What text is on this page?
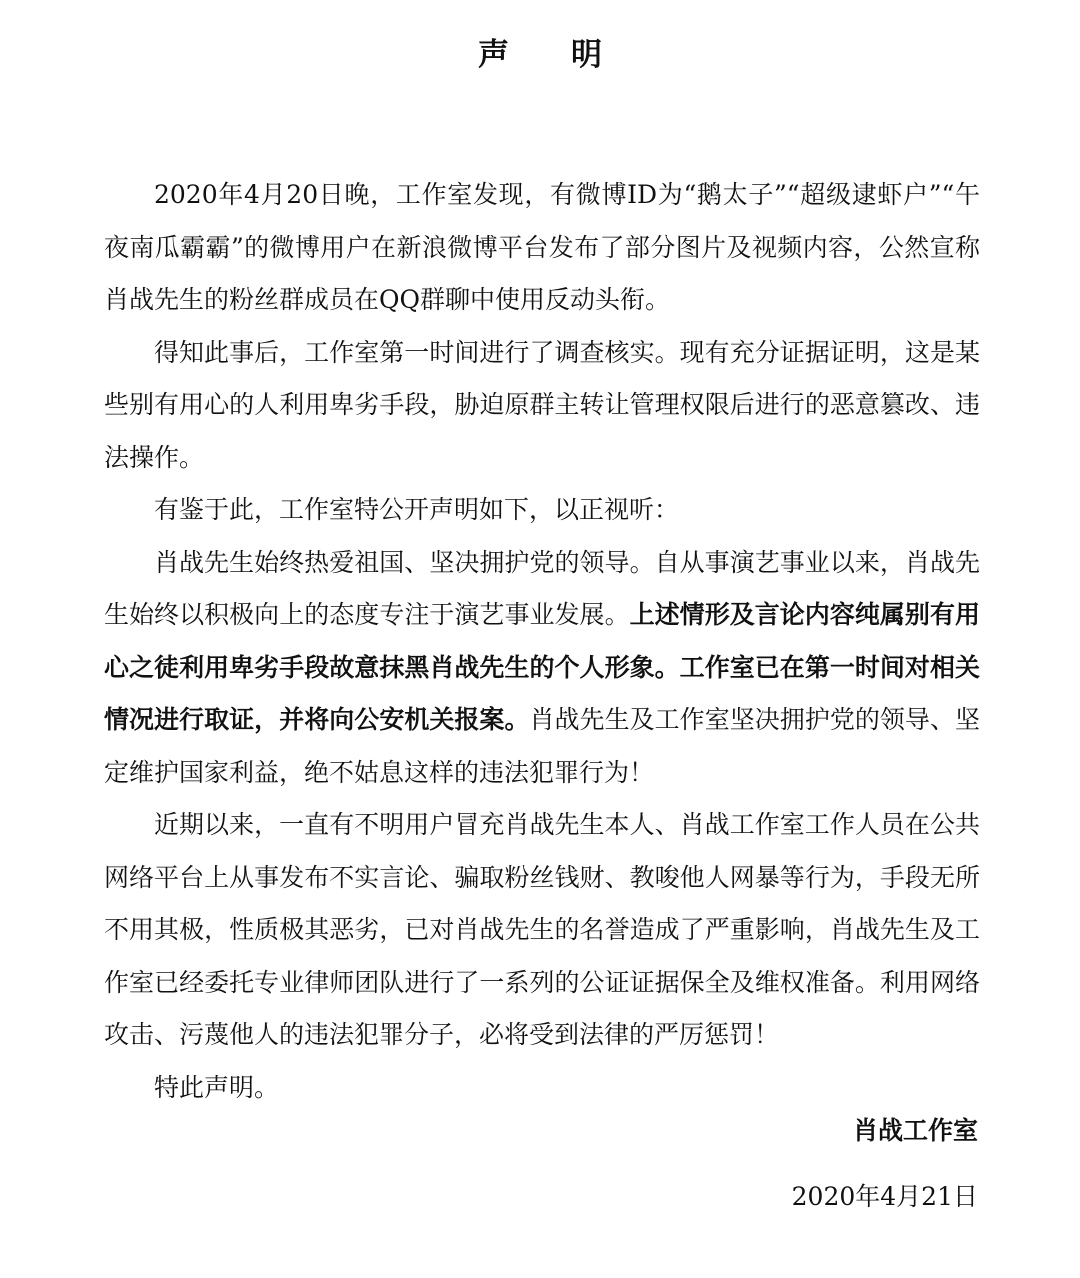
声明

2020年4月20日晚，工作室发现，有微博ID为“鹅太子”“超级逮虾户”“午夜南瓜霸霸”的微博用户在新浪微博平台发布了部分图片及视频内容，公然宣称肖战先生的粉丝群成员在QQ群聊中使用反动头衔。

得知此事后，工作室第一时间进行了调查核实。现有充分证据证明，这是某些别有用心的人利用卑劣手段，胁迫原群主转让管理权限后进行的恶意篡改、违法操作。

有鉴于此，工作室特公开声明如下，以正视听：

肖战先生始终热爱祖国、坚决拥护党的领导。自从事演艺事业以来，肖战先生始终以积极向上的态度专注于演艺事业发展。上述情形及言论内容纯属别有用心之徒利用卑劣手段故意抹黑肖战先生的个人形象。工作室已在第一时间对相关情况进行取证，并将向公安机关报案。肖战先生及工作室坚决拥护党的领导、坚定维护国家利益，绝不姑息这样的违法犯罪行为！

近期以来，一直有不明用户冒充肖战先生本人、肖战工作室工作人员在公共网络平台上从事发布不实言论、骗取粉丝钱财、教唆他人网暴等行为，手段无所不用其极，性质极其恶劣，已对肖战先生的名誉造成了严重影响，肖战先生及工作室已经委托专业律师团队进行了一系列的公证证据保全及维权准备。利用网络攻击、污蔑他人的违法犯罪分子，必将受到法律的严厉惩罚！

特此声明。

肖战工作室
2020年4月21日
